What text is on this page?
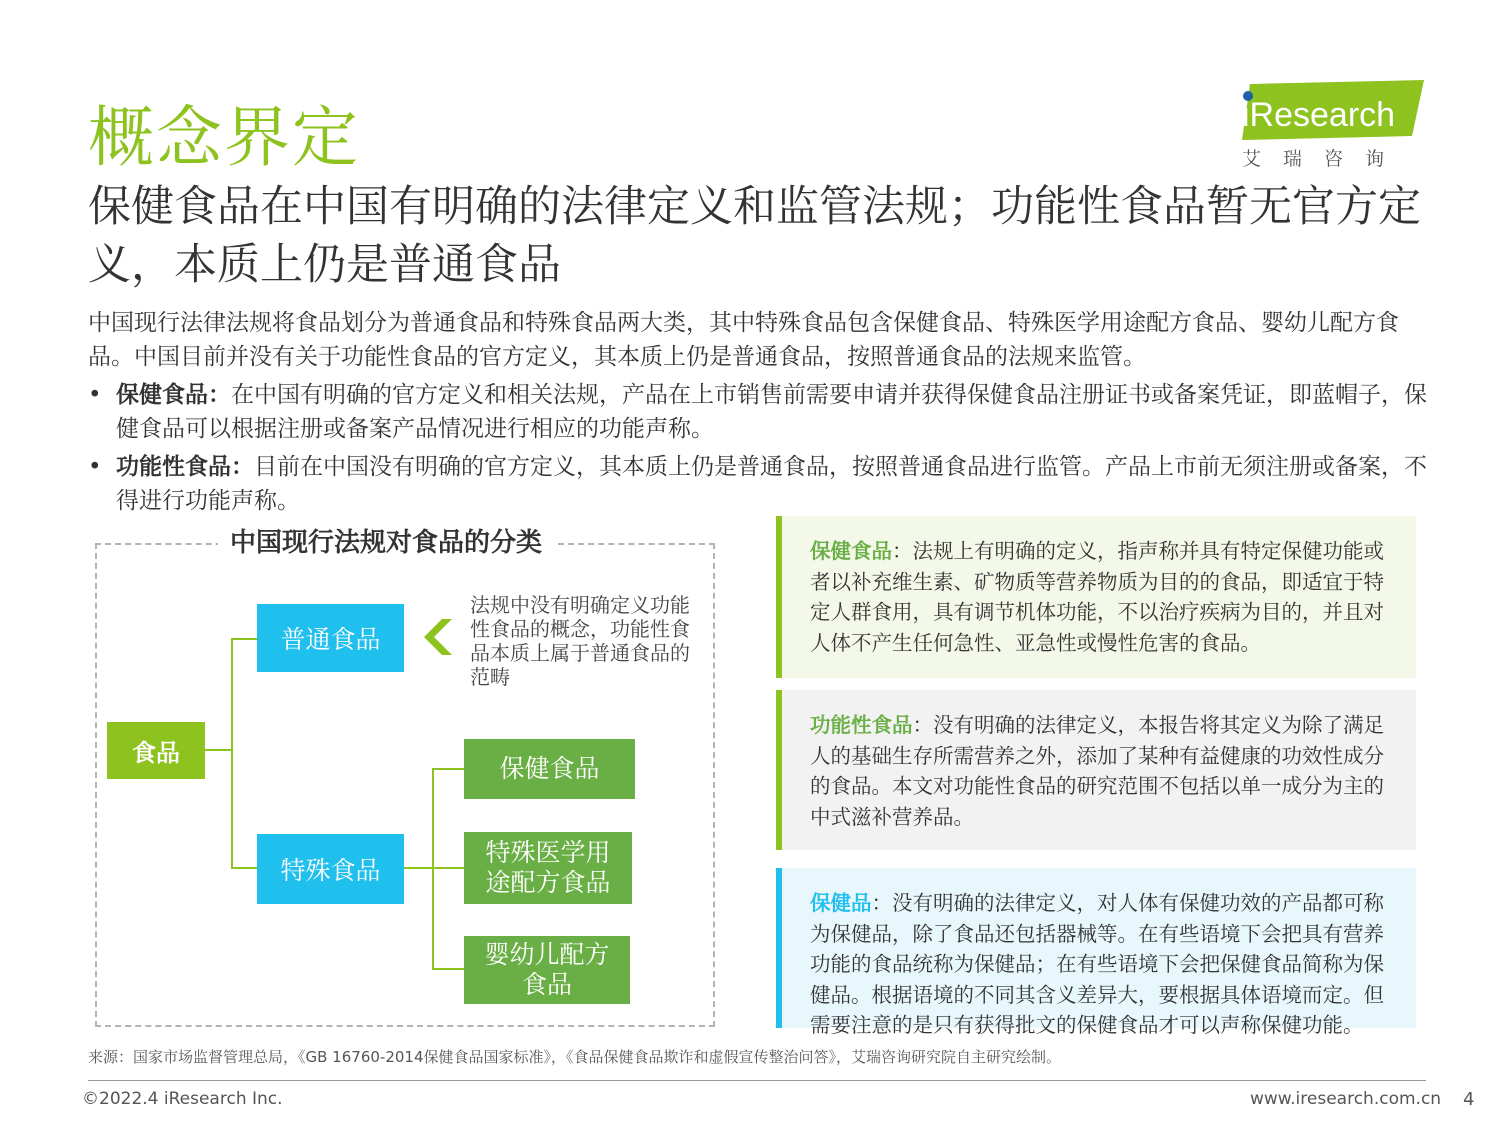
概念界定	iResearch
艾瑞咨询
保健食品在中国有明确的法律定义和监管法规；功能性食品暂无官方定义，本质上仍是普通食品
中国现行法律法规将食品划分为普通食品和特殊食品两大类，其中特殊食品包含保健食品、特殊医学用途配方食品、婴幼儿配方食品。中国目前并没有关于功能性食品的官方定义，其本质上仍是普通食品，按照普通食品的法规来监管。
• 保健食品：在中国有明确的官方定义和相关法规，产品在上市销售前需要申请并获得保健食品注册证书或备案凭证，即蓝帽子，保健食品可以根据注册或备案产品情况进行相应的功能声称。
• 功能性食品：目前在中国没有明确的官方定义，其本质上仍是普通食品，按照普通食品进行监管。产品上市前无须注册或备案，不得进行功能声称。
中国现行法规对食品的分类
食品
普通食品
特殊食品
保健食品
特殊医学用
途配方食品
婴幼儿配方
食品
法规中没有明确定义功能性食品的概念，功能性食品本质上属于普通食品的范畴
保健食品：法规上有明确的定义，指声称并具有特定保健功能或者以补充维生素、矿物质等营养物质为目的的食品，即适宜于特定人群食用，具有调节机体功能，不以治疗疾病为目的，并且对人体不产生任何急性、亚急性或慢性危害的食品。
功能性食品：没有明确的法律定义，本报告将其定义为除了满足人的基础生存所需营养之外，添加了某种有益健康的功效性成分的食品。本文对功能性食品的研究范围不包括以单一成分为主的中式滋补营养品。
保健品：没有明确的法律定义，对人体有保健功效的产品都可称为保健品，除了食品还包括器械等。在有些语境下会把具有营养功能的食品统称为保健品；在有些语境下会把保健食品简称为保健品。根据语境的不同其含义差异大，要根据具体语境而定。但需要注意的是只有获得批文的保健食品才可以声称保健功能。
来源：国家市场监督管理总局，《GB 16760-2014保健食品国家标准》，《食品保健食品欺诈和虚假宣传整治问答》，艾瑞咨询研究院自主研究绘制。
©2022.4 iResearch Inc.	www.iresearch.com.cn 4
